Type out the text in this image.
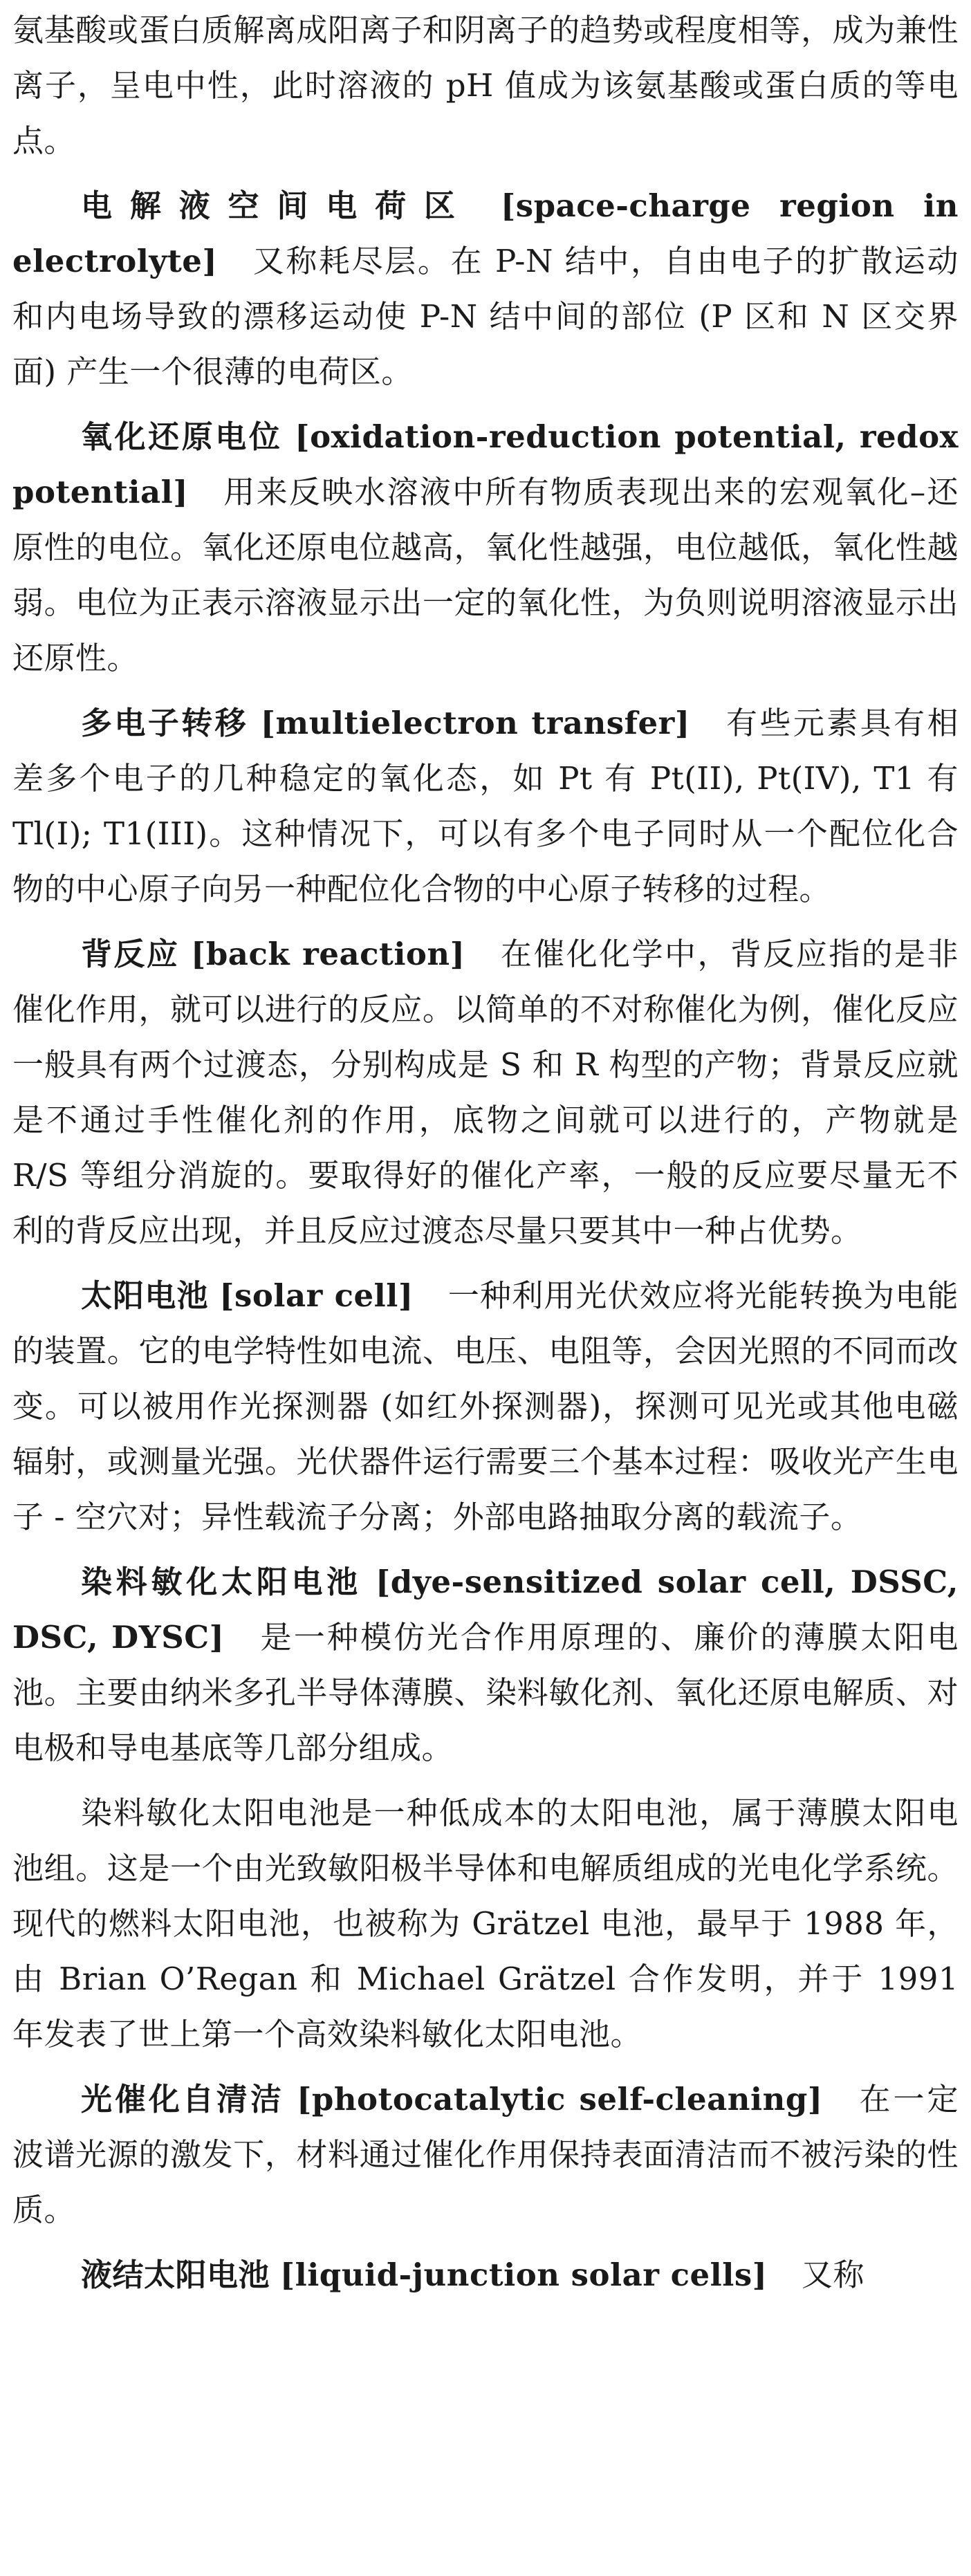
氨基酸或蛋白质解离成阳离子和阴离子的趋势或程度相等，成为兼性离子，呈电中性，此时溶液的 pH 值成为该氨基酸或蛋白质的等电点。

电解液空间电荷区 [space-charge region in electrolyte] 又称耗尽层。在 P-N 结中，自由电子的扩散运动和内电场导致的漂移运动使 P-N 结中间的部位 (P 区和 N 区交界面) 产生一个很薄的电荷区。

氧化还原电位 [oxidation-reduction potential, redox potential] 用来反映水溶液中所有物质表现出来的宏观氧化–还原性的电位。氧化还原电位越高，氧化性越强，电位越低，氧化性越弱。电位为正表示溶液显示出一定的氧化性，为负则说明溶液显示出还原性。

多电子转移 [multielectron transfer] 有些元素具有相差多个电子的几种稳定的氧化态，如 Pt 有 Pt(II), Pt(IV), T1 有 Tl(I); T1(III)。这种情况下，可以有多个电子同时从一个配位化合物的中心原子向另一种配位化合物的中心原子转移的过程。

背反应 [back reaction] 在催化化学中，背反应指的是非催化作用，就可以进行的反应。以简单的不对称催化为例，催化反应一般具有两个过渡态，分别构成是 S 和 R 构型的产物；背景反应就是不通过手性催化剂的作用，底物之间就可以进行的，产物就是 R/S 等组分消旋的。要取得好的催化产率，一般的反应要尽量无不利的背反应出现，并且反应过渡态尽量只要其中一种占优势。

太阳电池 [solar cell] 一种利用光伏效应将光能转换为电能的装置。它的电学特性如电流、电压、电阻等，会因光照的不同而改变。可以被用作光探测器 (如红外探测器)，探测可见光或其他电磁辐射，或测量光强。光伏器件运行需要三个基本过程：吸收光产生电子 - 空穴对；异性载流子分离；外部电路抽取分离的载流子。

染料敏化太阳电池 [dye-sensitized solar cell, DSSC, DSC, DYSC] 是一种模仿光合作用原理的、廉价的薄膜太阳电池。主要由纳米多孔半导体薄膜、染料敏化剂、氧化还原电解质、对电极和导电基底等几部分组成。

染料敏化太阳电池是一种低成本的太阳电池，属于薄膜太阳电池组。这是一个由光致敏阳极半导体和电解质组成的光电化学系统。现代的燃料太阳电池，也被称为 Grätzel 电池，最早于 1988 年，由 Brian O’Regan 和 Michael Grätzel 合作发明，并于 1991 年发表了世上第一个高效染料敏化太阳电池。

光催化自清洁 [photocatalytic self-cleaning] 在一定波谱光源的激发下，材料通过催化作用保持表面清洁而不被污染的性质。

液结太阳电池 [liquid-junction solar cells] 又称
